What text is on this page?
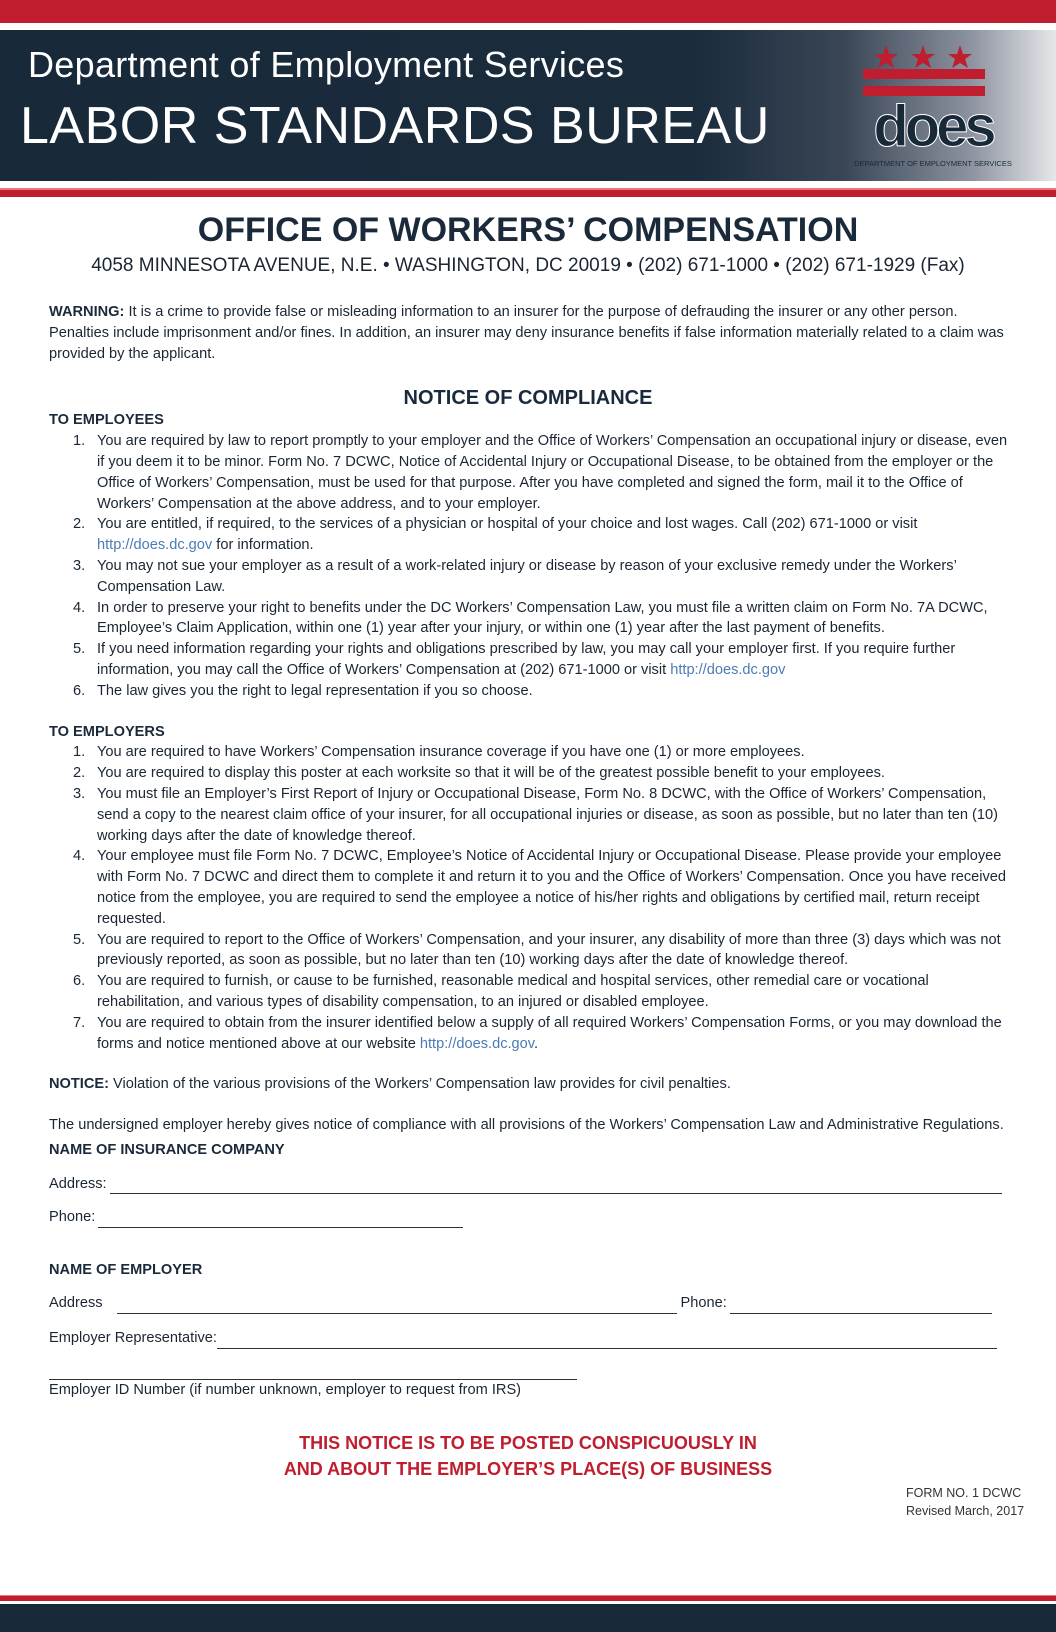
Department of Employment Services
LABOR STANDARDS BUREAU does
DEPARTMENT OF EMPLOYMENT SERVICES
OFFICE OF WORKERS’ COMPENSATION
4058 MINNESOTA AVENUE, N.E. • WASHINGTON, DC 20019 • (202) 671-1000 • (202) 671-1929 (Fax)
WARNING: It is a crime to provide false or misleading information to an insurer for the purpose of defrauding the insurer or any other person. Penalties include imprisonment and/or fines. In addition, an insurer may deny insurance benefits if false information materially related to a claim was provided by the applicant.
NOTICE OF COMPLIANCE
TO EMPLOYEES
1. You are required by law to report promptly to your employer and the Office of Workers’ Compensation an occupational injury or disease, even if you deem it to be minor. Form No. 7 DCWC, Notice of Accidental Injury or Occupational Disease, to be obtained from the employer or the Office of Workers’ Compensation, must be used for that purpose. After you have completed and signed the form, mail it to the Office of Workers’ Compensation at the above address, and to your employer.
2. You are entitled, if required, to the services of a physician or hospital of your choice and lost wages. Call (202) 671-1000 or visit http://does.dc.gov for information.
3. You may not sue your employer as a result of a work-related injury or disease by reason of your exclusive remedy under the Workers’ Compensation Law.
4. In order to preserve your right to benefits under the DC Workers’ Compensation Law, you must file a written claim on Form No. 7A DCWC, Employee’s Claim Application, within one (1) year after your injury, or within one (1) year after the last payment of benefits.
5. If you need information regarding your rights and obligations prescribed by law, you may call your employer first. If you require further information, you may call the Office of Workers’ Compensation at (202) 671-1000 or visit http://does.dc.gov
6. The law gives you the right to legal representation if you so choose.
TO EMPLOYERS
1. You are required to have Workers’ Compensation insurance coverage if you have one (1) or more employees.
2. You are required to display this poster at each worksite so that it will be of the greatest possible benefit to your employees.
3. You must file an Employer’s First Report of Injury or Occupational Disease, Form No. 8 DCWC, with the Office of Workers’ Compensation, send a copy to the nearest claim office of your insurer, for all occupational injuries or disease, as soon as possible, but no later than ten (10) working days after the date of knowledge thereof.
4. Your employee must file Form No. 7 DCWC, Employee’s Notice of Accidental Injury or Occupational Disease. Please provide your employee with Form No. 7 DCWC and direct them to complete it and return it to you and the Office of Workers’ Compensation. Once you have received notice from the employee, you are required to send the employee a notice of his/her rights and obligations by certified mail, return receipt requested.
5. You are required to report to the Office of Workers’ Compensation, and your insurer, any disability of more than three (3) days which was not previously reported, as soon as possible, but no later than ten (10) working days after the date of knowledge thereof.
6. You are required to furnish, or cause to be furnished, reasonable medical and hospital services, other remedial care or vocational rehabilitation, and various types of disability compensation, to an injured or disabled employee.
7. You are required to obtain from the insurer identified below a supply of all required Workers’ Compensation Forms, or you may download the forms and notice mentioned above at our website http://does.dc.gov.
NOTICE: Violation of the various provisions of the Workers’ Compensation law provides for civil penalties.
The undersigned employer hereby gives notice of compliance with all provisions of the Workers’ Compensation Law and Administrative Regulations.
NAME OF INSURANCE COMPANY
Address:
Phone:
NAME OF EMPLOYER
Address	Phone:
Employer Representative:
Employer ID Number (if number unknown, employer to request from IRS)
THIS NOTICE IS TO BE POSTED CONSPICUOUSLY IN
AND ABOUT THE EMPLOYER’S PLACE(S) OF BUSINESS
FORM NO. 1 DCWC
Revised March, 2017
